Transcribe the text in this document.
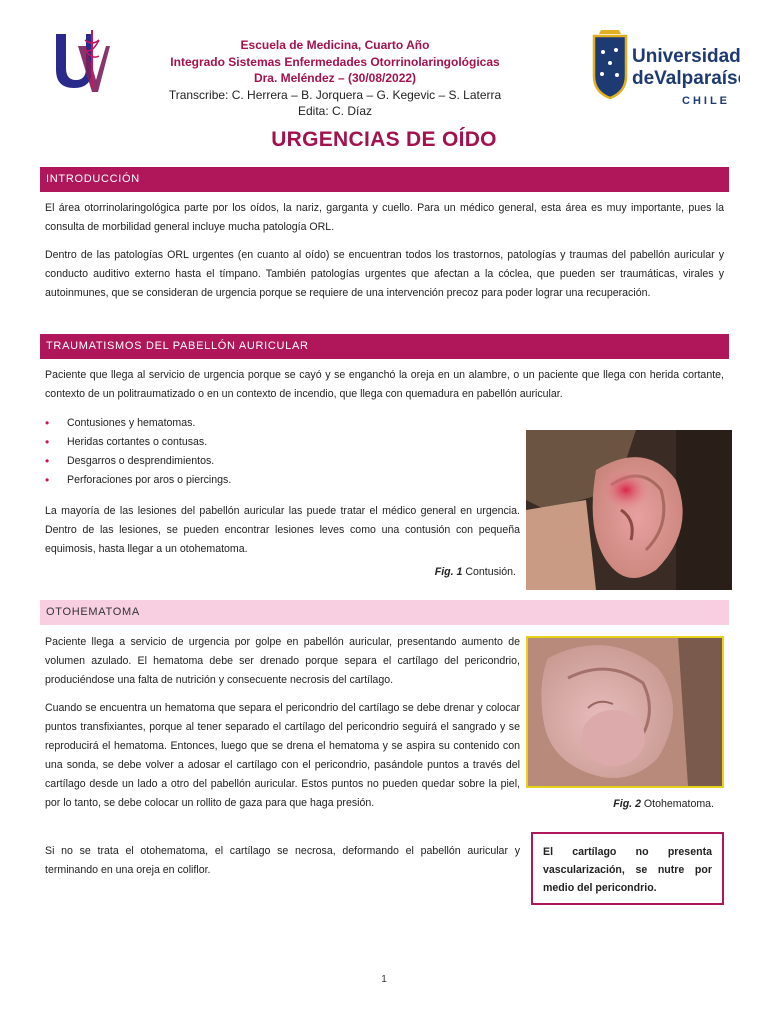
Escuela de Medicina, Cuarto Año
Integrado Sistemas Enfermedades Otorrinolaringológicas
Dra. Meléndez – (30/08/2022)
Transcribe: C. Herrera – B. Jorquera – G. Kegevic – S. Laterra
Edita: C. Díaz
Universidad
deValparaíso
CHILE
URGENCIAS DE OÍDO
INTRODUCCIÓN
El área otorrinolaringológica parte por los oídos, la nariz, garganta y cuello. Para un médico general, esta área es muy importante, pues la consulta de morbilidad general incluye mucha patología ORL.
Dentro de las patologías ORL urgentes (en cuanto al oído) se encuentran todos los trastornos, patologías y traumas del pabellón auricular y conducto auditivo externo hasta el tímpano. También patologías urgentes que afectan a la cóclea, que pueden ser traumáticas, virales y autoinmunes, que se consideran de urgencia porque se requiere de una intervención precoz para poder lograr una recuperación.
TRAUMATISMOS DEL PABELLÓN AURICULAR
Paciente que llega al servicio de urgencia porque se cayó y se enganchó la oreja en un alambre, o un paciente que llega con herida cortante, contexto de un politraumatizado o en un contexto de incendio, que llega con quemadura en pabellón auricular.
• Contusiones y hematomas.
• Heridas cortantes o contusas.
• Desgarros o desprendimientos.
• Perforaciones por aros o piercings.
La mayoría de las lesiones del pabellón auricular las puede tratar el médico general en urgencia. Dentro de las lesiones, se pueden encontrar lesiones leves como una contusión con pequeña equimosis, hasta llegar a un otohematoma.
Fig. 1 Contusión.
OTOHEMATOMA
Paciente llega a servicio de urgencia por golpe en pabellón auricular, presentando aumento de volumen azulado. El hematoma debe ser drenado porque separa el cartílago del pericondrio, produciéndose una falta de nutrición y consecuente necrosis del cartílago.
Cuando se encuentra un hematoma que separa el pericondrio del cartílago se debe drenar y colocar puntos transfixiantes, porque al tener separado el cartílago del pericondrio seguirá el sangrado y se reproducirá el hematoma. Entonces, luego que se drena el hematoma y se aspira su contenido con una sonda, se debe volver a adosar el cartílago con el pericondrio, pasándole puntos a través del cartílago desde un lado a otro del pabellón auricular. Estos puntos no pueden quedar sobre la piel, por lo tanto, se debe colocar un rollito de gaza para que haga presión.
Si no se trata el otohematoma, el cartílago se necrosa, deformando el pabellón auricular y terminando en una oreja en coliflor.
Fig. 2 Otohematoma.
El cartílago no presenta vascularización, se nutre por medio del pericondrio.
1
